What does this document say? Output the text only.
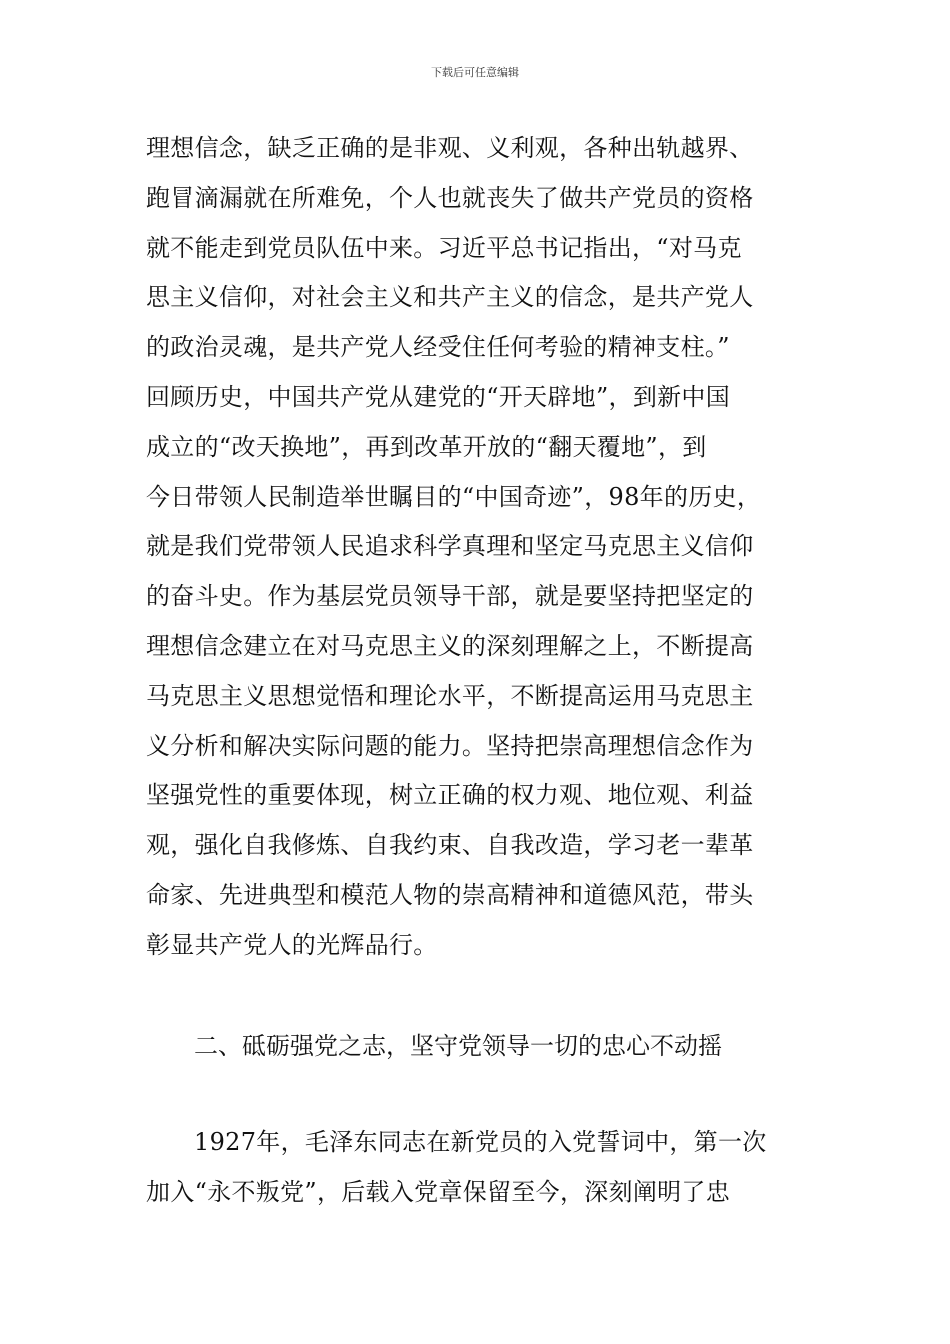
下载后可任意编辑
理想信念，缺乏正确的是非观、义利观，各种出轨越界、
跑冒滴漏就在所难免，个人也就丧失了做共产党员的资格
就不能走到党员队伍中来。习近平总书记指出，“对马克
思主义信仰，对社会主义和共产主义的信念，是共产党人
的政治灵魂，是共产党人经受住任何考验的精神支柱。”
回顾历史，中国共产党从建党的“开天辟地”，到新中国
成立的“改天换地”，再到改革开放的“翻天覆地”，到
今日带领人民制造举世瞩目的“中国奇迹”，98年的历史，
就是我们党带领人民追求科学真理和坚定马克思主义信仰
的奋斗史。作为基层党员领导干部，就是要坚持把坚定的
理想信念建立在对马克思主义的深刻理解之上，不断提高
马克思主义思想觉悟和理论水平，不断提高运用马克思主
义分析和解决实际问题的能力。坚持把崇高理想信念作为
坚强党性的重要体现，树立正确的权力观、地位观、利益
观，强化自我修炼、自我约束、自我改造，学习老一辈革
命家、先进典型和模范人物的崇高精神和道德风范，带头
彰显共产党人的光辉品行。
二、砥砺强党之志，坚守党领导一切的忠心不动摇
1927年，毛泽东同志在新党员的入党誓词中，第一次
加入“永不叛党”，后载入党章保留至今，深刻阐明了忠
